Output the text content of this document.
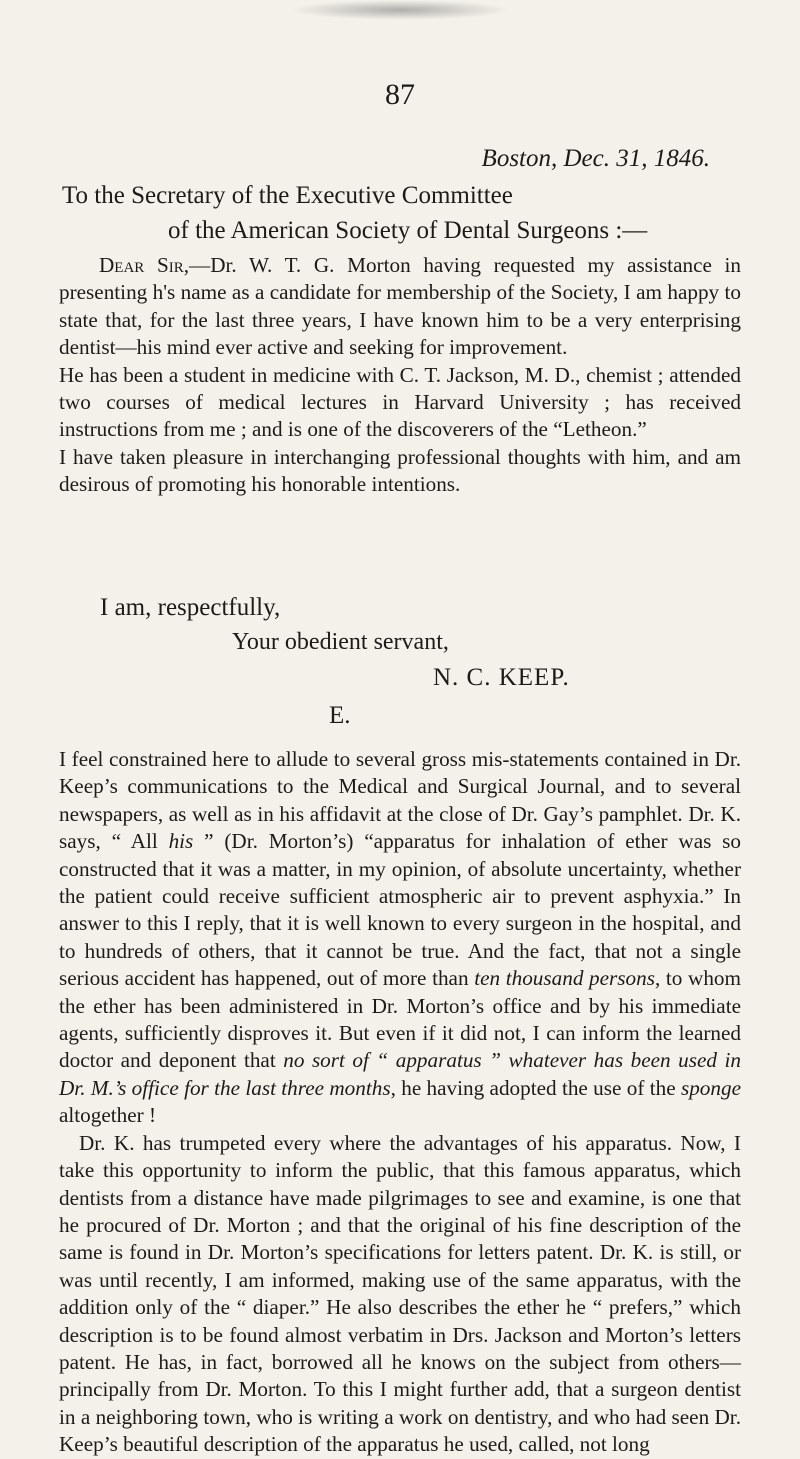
87
Boston, Dec. 31, 1846.
To the Secretary of the Executive Committee
of the American Society of Dental Surgeons :—

Dear Sir,—Dr. W. T. G. Morton having requested my assistance in presenting h's name as a candidate for membership of the Society, I am happy to state that, for the last three years, I have known him to be a very enterprising dentist—his mind ever active and seeking for improvement.

He has been a student in medicine with C. T. Jackson, M. D., chemist ; attended two courses of medical lectures in Harvard University ; has received instructions from me ; and is one of the discoverers of the “Letheon.”

I have taken pleasure in interchanging professional thoughts with him, and am desirous of promoting his honorable intentions.

I am, respectfully,
Your obedient servant,
N. C. KEEP.
E.

I feel constrained here to allude to several gross mis-statements contained in Dr. Keep’s communications to the Medical and Surgical Journal, and to several newspapers, as well as in his affidavit at the close of Dr. Gay’s pamphlet. Dr. K. says, “ All his ” (Dr. Morton’s) “apparatus for inhalation of ether was so constructed that it was a matter, in my opinion, of absolute uncertainty, whether the patient could receive sufficient atmospheric air to prevent asphyxia.” In answer to this I reply, that it is well known to every surgeon in the hospital, and to hundreds of others, that it cannot be true. And the fact, that not a single serious accident has happened, out of more than ten thousand persons, to whom the ether has been administered in Dr. Morton’s office and by his immediate agents, sufficiently disproves it. But even if it did not, I can inform the learned doctor and deponent that no sort of “ apparatus ” whatever has been used in Dr. M.’s office for the last three months, he having adopted the use of the sponge altogether !

Dr. K. has trumpeted every where the advantages of his apparatus. Now, I take this opportunity to inform the public, that this famous apparatus, which dentists from a distance have made pilgrimages to see and examine, is one that he procured of Dr. Morton ; and that the original of his fine description of the same is found in Dr. Morton’s specifications for letters patent. Dr. K. is still, or was until recently, I am informed, making use of the same apparatus, with the addition only of the “ diaper.” He also describes the ether he “ prefers,” which description is to be found almost verbatim in Drs. Jackson and Morton’s letters patent. He has, in fact, borrowed all he knows on the subject from others—principally from Dr. Morton. To this I might further add, that a surgeon dentist in a neighboring town, who is writing a work on dentistry, and who had seen Dr. Keep’s beautiful description of the apparatus he used, called, not long
